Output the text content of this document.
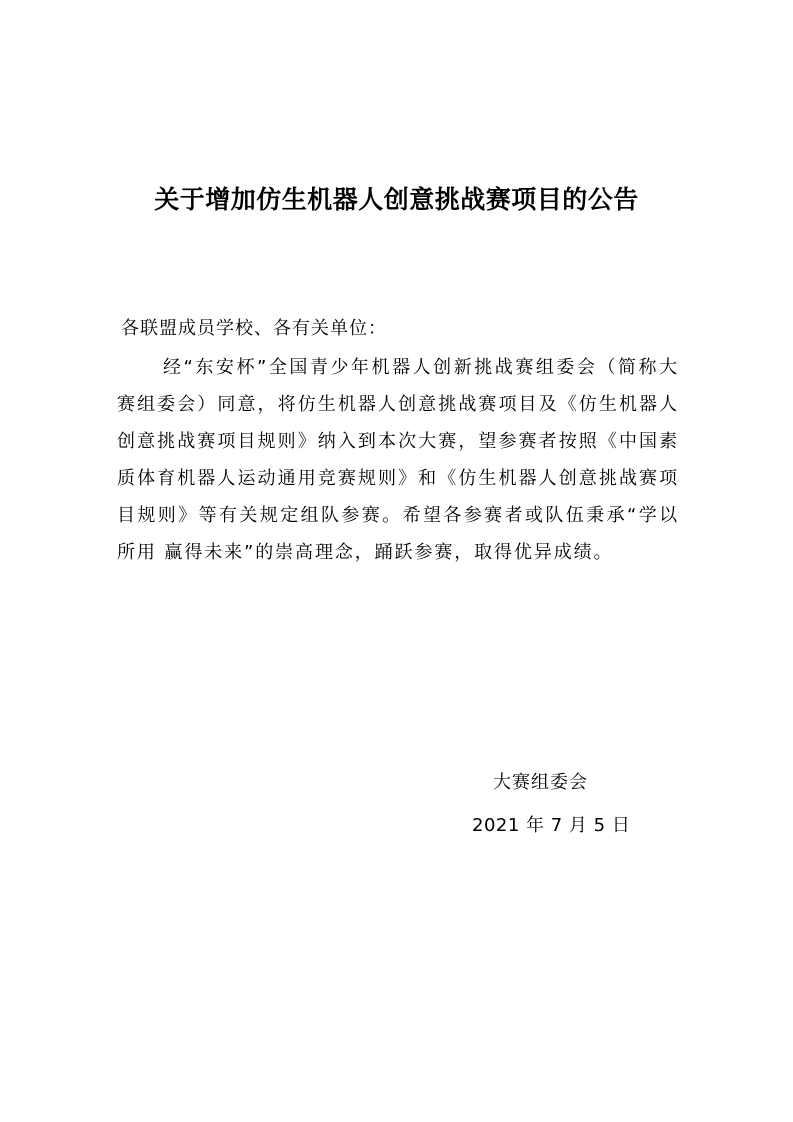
关于增加仿生机器人创意挑战赛项目的公告
各联盟成员学校、各有关单位：
经“东安杯”全国青少年机器人创新挑战赛组委会（简称大赛组委会）同意，将仿生机器人创意挑战赛项目及《仿生机器人创意挑战赛项目规则》纳入到本次大赛，望参赛者按照《中国素质体育机器人运动通用竞赛规则》和《仿生机器人创意挑战赛项目规则》等有关规定组队参赛。希望各参赛者或队伍秉承“学以所用 赢得未来”的崇高理念，踊跃参赛，取得优异成绩。
大赛组委会
2021 年 7 月 5 日
